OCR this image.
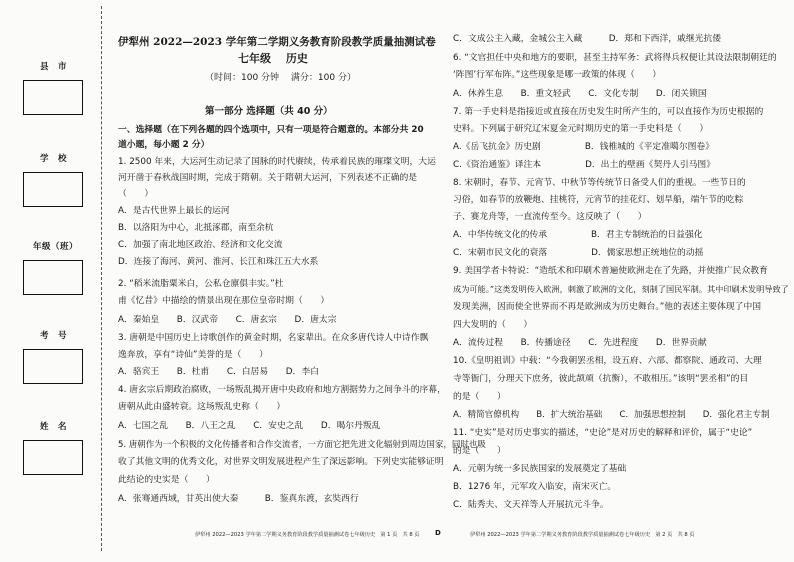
县　市
学　校
年级（班）
考　号
姓　名
伊犁州 2022—2023 学年第二学期义务教育阶段教学质量抽测试卷
七年级　 历史
（时间：100 分钟　 满分：100 分）
第一部分 选择题（共 40 分）
一、选择题（在下列各题的四个选项中，只有一项是符合题意的。本部分共 20
道小题，每小题 2 分）
1. 2500 年来，大运河生动记录了国脉的时代赓续，传承着民族的璀璨文明，大运
河开凿于春秋战国时期，完成于隋朝。关于隋朝大运河，下列表述不正确的是
（　　）
A．是古代世界上最长的运河
B．以洛阳为中心，北抵涿郡，南至余杭
C．加强了南北地区政治、经济和文化交流
D．连接了海河、黄河、淮河、长江和珠江五大水系
2. “稻米流脂粟米白，公私仓廪俱丰实。”杜
甫《忆昔》中描绘的情景出现在那位皇帝时期（　　）
A．秦始皇　　B．汉武帝　　C．唐玄宗　　D．唐太宗
3. 唐朝是中国历史上诗歌创作的黄金时期，名家辈出。在众多唐代诗人中诗作飘
逸奔放，享有“诗仙”美誉的是（　　）
A．骆宾王　　B．杜甫　　C．白居易　　D．李白
4. 唐玄宗后期政治腐败，一场叛乱揭开唐中央政府和地方割据势力之间争斗的序幕，
唐朝从此由盛转衰。这场叛乱史称（　　）
A．七国之乱　　B．八王之乱　　C．安史之乱　　D．喝尔丹叛乱
5. 唐朝作为一个积极的文化传播者和合作交流者，一方面它把先进文化辐射到周边国家，同时也吸
收了其他文明的优秀文化，对世界文明发展进程产生了深远影响。下列史实能够证明
此结论的史实是（　　）
A．张骞通西域，甘英出使大秦　　　B．鉴真东渡，玄奘西行
C．文成公主入藏，金城公主入藏　　　D．郑和下西洋，戚继光抗倭
6. “文官担任中央和地方的要职，甚至主持军务：武将得兵权便让其设法限制朝廷的
‘阵图’行军布阵。”这些现象是哪一政策的体现（　　）
A．休养生息　　B．重文轻武　　C．文化专制　　D．闭关锁国
7. 第一手史料是指接近或直接在历史发生时所产生的，可以直接作为历史根据的
史料。下列属于研究辽宋夏金元时期历史的第一手史料是（　　）
A.《岳飞抗金》历史剧　　　　　B．钱椎城的《平定准噶尔图卷》
C.《资治通鉴》译注本　　　　　D．出土的壁画《契丹人引马图》
8. 宋朝时，春节、元宵节、中秋节等传统节日备受人们的重视。一些节日的
习俗，如春节的放鞭炮、挂桃符，元宵节的挂花灯、划旱船，端午节的吃粽
子、赛龙舟等，一直流传至今。这反映了（　　）
A．中华传统文化的传承　　　　　B．君主专制统治的日益强化
C．宋朝市民文化的衰落　　　　　D．儒家思想正统地位的动摇
9. 美国学者卡特说：“造纸术和印刷术普遍使欧洲走在了先路，并使推广民众教育
成为可能。”这类发明传入欧洲，刺激了欧洲的文化，刻制了国民军制。其中印刷术发明导致了
发现美洲，因而使全世界而不再是欧洲成为历史舞台。”他的表述主要体现了中国
四大发明的（　　）
A．流传过程　　B．传播途径　　C．先进程度　　D．世界贡献
10.《皇明祖训》中载：“今我朝罢丞相，设五府、六部、都察院、通政司、大理
寺等衙门，分理天下庶务，彼此颉颃（抗衡），不敢相压。”该明“罢丞相”的目
的是（　　）
A．精简官僚机构　　B．扩大统治基础　　C．加强思想控制　　D．强化君主专制
11. “史实”是对历史事实的描述，“史论”是对历史的解释和评价，属于“史论”
的是（　　）
A．元朝为统一多民族国家的发展奠定了基础
B．1276 年，元军攻入临安，南宋灭亡。
C．陆秀夫、文天祥等人开展抗元斗争。
伊犁州 2022—2023 学年第二学期义务教育阶段教学质量抽测试卷七年级历史　第 1 页　共 8 页 D	伊犁州 2022—2023 学年第二学期义务教育阶段教学质量抽测试卷七年级历史　第 2 页　共 8 页
